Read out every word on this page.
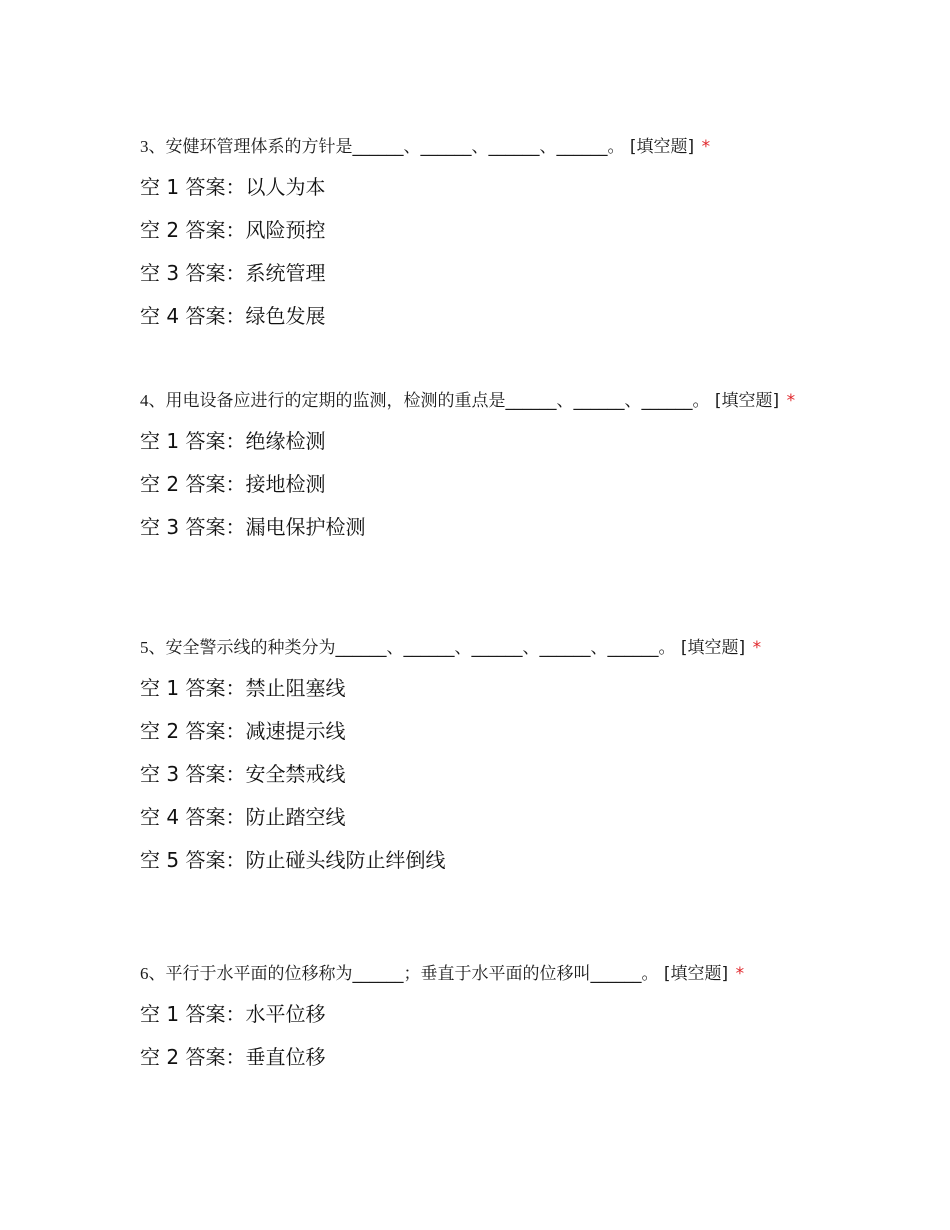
3、安健环管理体系的方针是______、______、______、______。 [填空题] *

空 1 答案：以人为本
空 2 答案：风险预控
空 3 答案：系统管理
空 4 答案：绿色发展

4、用电设备应进行的定期的监测，检测的重点是______、______、______。 [填空题] *

空 1 答案：绝缘检测
空 2 答案：接地检测
空 3 答案：漏电保护检测

5、安全警示线的种类分为______、______、______、______、______。 [填空题] *

空 1 答案：禁止阻塞线
空 2 答案：减速提示线
空 3 答案：安全禁戒线
空 4 答案：防止踏空线
空 5 答案：防止碰头线防止绊倒线

6、平行于水平面的位移称为______；垂直于水平面的位移叫______。 [填空题] *

空 1 答案：水平位移
空 2 答案：垂直位移
